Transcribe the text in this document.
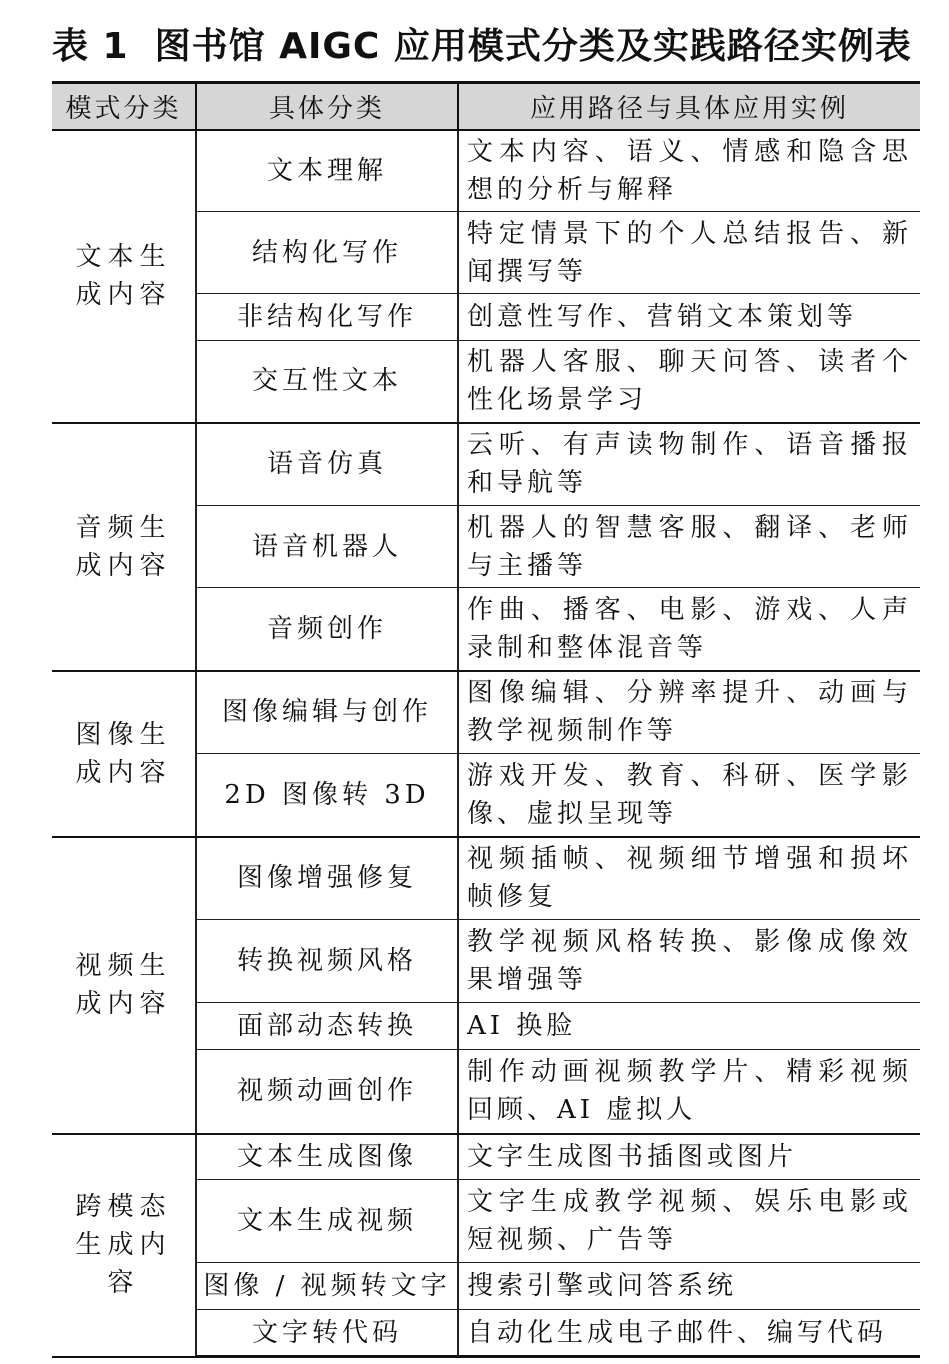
表 1 图书馆 AIGC 应用模式分类及实践路径实例表
模式分类	具体分类	应用路径与具体应用实例
文本生成内容	文本理解	文本内容、语义、情感和隐含思想的分析与解释
	结构化写作	特定情景下的个人总结报告、新闻撰写等
	非结构化写作	创意性写作、营销文本策划等
	交互性文本	机器人客服、聊天问答、读者个性化场景学习
音频生成内容	语音仿真	云听、有声读物制作、语音播报和导航等
	语音机器人	机器人的智慧客服、翻译、老师与主播等
	音频创作	作曲、播客、电影、游戏、人声录制和整体混音等
图像生成内容	图像编辑与创作	图像编辑、分辨率提升、动画与教学视频制作等
	2D 图像转 3D	游戏开发、教育、科研、医学影像、虚拟呈现等
视频生成内容	图像增强修复	视频插帧、视频细节增强和损坏帧修复
	转换视频风格	教学视频风格转换、影像成像效果增强等
	面部动态转换	AI 换脸
	视频动画创作	制作动画视频教学片、精彩视频回顾、AI 虚拟人
跨模态生成内容	文本生成图像	文字生成图书插图或图片
	文本生成视频	文字生成教学视频、娱乐电影或短视频、广告等
	图像 / 视频转文字	搜索引擎或问答系统
	文字转代码	自动化生成电子邮件、编写代码
